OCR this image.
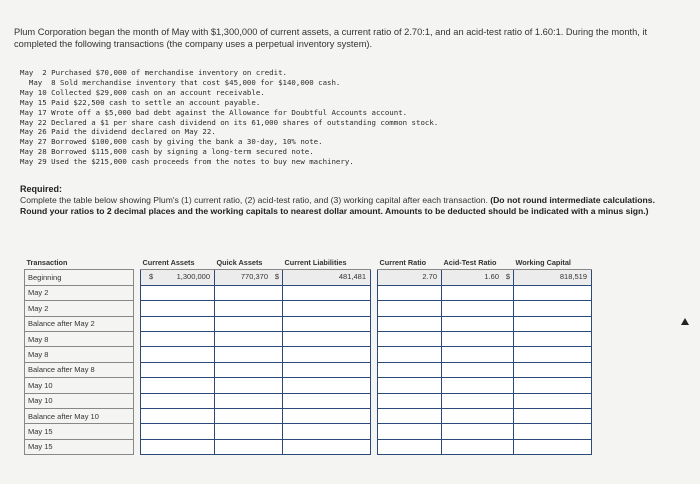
Plum Corporation began the month of May with $1,300,000 of current assets, a current ratio of 2.70:1, and an acid-test ratio of 1.60:1. During the month, it completed the following transactions (the company uses a perpetual inventory system).
May  2 Purchased $70,000 of merchandise inventory on credit.
May  8 Sold merchandise inventory that cost $45,000 for $140,000 cash.
May 10 Collected $29,000 cash on an account receivable.
May 15 Paid $22,500 cash to settle an account payable.
May 17 Wrote off a $5,000 bad debt against the Allowance for Doubtful Accounts account.
May 22 Declared a $1 per share cash dividend on its 61,000 shares of outstanding common stock.
May 26 Paid the dividend declared on May 22.
May 27 Borrowed $100,000 cash by giving the bank a 30-day, 10% note.
May 28 Borrowed $115,000 cash by signing a long-term secured note.
May 29 Used the $215,000 cash proceeds from the notes to buy new machinery.
Required:
Complete the table below showing Plum's (1) current ratio, (2) acid-test ratio, and (3) working capital after each transaction. (Do not round intermediate calculations. Round your ratios to 2 decimal places and the working capitals to nearest dollar amount. Amounts to be deducted should be indicated with a minus sign.)
Transaction		Current Assets	Quick Assets	Current Liabilities		Current Ratio	Acid-Test Ratio	Working Capital
Beginning		$ 1,300,000	770,370 $	481,481		2.70	1.60 $	818,519

May 2								
May 2								
Balance after May 2								
May 8								
May 8								
Balance after May 8								
May 10								
May 10								
Balance after May 10								
May 15								
May 15								
